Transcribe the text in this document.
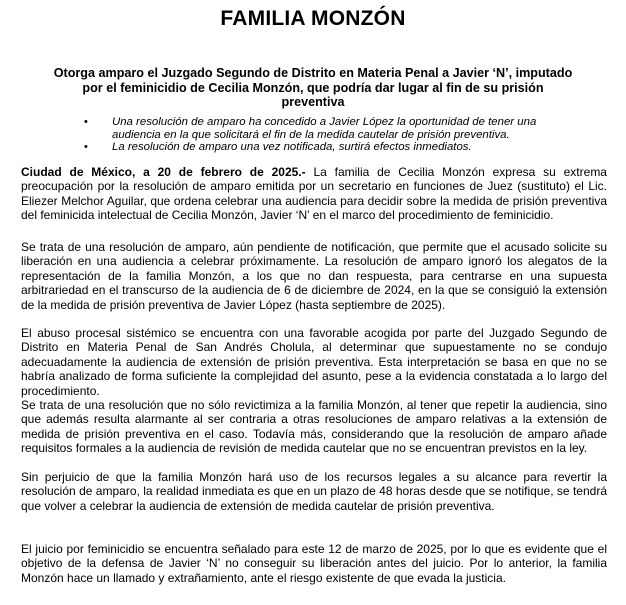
FAMILIA MONZÓN
Otorga amparo el Juzgado Segundo de Distrito en Materia Penal a Javier ‘N’, imputado por el feminicidio de Cecilia Monzón, que podría dar lugar al fin de su prisión preventiva
• Una resolución de amparo ha concedido a Javier López la oportunidad de tener una audiencia en la que solicitará el fin de la medida cautelar de prisión preventiva.
• La resolución de amparo una vez notificada, surtirá efectos inmediatos.

Ciudad de México, a 20 de febrero de 2025.- La familia de Cecilia Monzón expresa su extrema preocupación por la resolución de amparo emitida por un secretario en funciones de Juez (sustituto) el Lic. Eliezer Melchor Aguilar, que ordena celebrar una audiencia para decidir sobre la medida de prisión preventiva del feminicida intelectual de Cecilia Monzón, Javier ‘N’ en el marco del procedimiento de feminicidio.

Se trata de una resolución de amparo, aún pendiente de notificación, que permite que el acusado solicite su liberación en una audiencia a celebrar próximamente. La resolución de amparo ignoró los alegatos de la representación de la familia Monzón, a los que no dan respuesta, para centrarse en una supuesta arbitrariedad en el transcurso de la audiencia de 6 de diciembre de 2024, en la que se consiguió la extensión de la medida de prisión preventiva de Javier López (hasta septiembre de 2025).

El abuso procesal sistémico se encuentra con una favorable acogida por parte del Juzgado Segundo de Distrito en Materia Penal de San Andrés Cholula, al determinar que supuestamente no se condujo adecuadamente la audiencia de extensión de prisión preventiva. Esta interpretación se basa en que no se habría analizado de forma suficiente la complejidad del asunto, pese a la evidencia constatada a lo largo del procedimiento.

Se trata de una resolución que no sólo revictimiza a la familia Monzón, al tener que repetir la audiencia, sino que además resulta alarmante al ser contraria a otras resoluciones de amparo relativas a la extensión de medida de prisión preventiva en el caso. Todavía más, considerando que la resolución de amparo añade requisitos formales a la audiencia de revisión de medida cautelar que no se encuentran previstos en la ley.

Sin perjuicio de que la familia Monzón hará uso de los recursos legales a su alcance para revertir la resolución de amparo, la realidad inmediata es que en un plazo de 48 horas desde que se notifique, se tendrá que volver a celebrar la audiencia de extensión de medida cautelar de prisión preventiva.

El juicio por feminicidio se encuentra señalado para este 12 de marzo de 2025, por lo que es evidente que el objetivo de la defensa de Javier ‘N’ no conseguir su liberación antes del juicio. Por lo anterior, la familia Monzón hace un llamado y extrañamiento, ante el riesgo existente de que evada la justicia.
